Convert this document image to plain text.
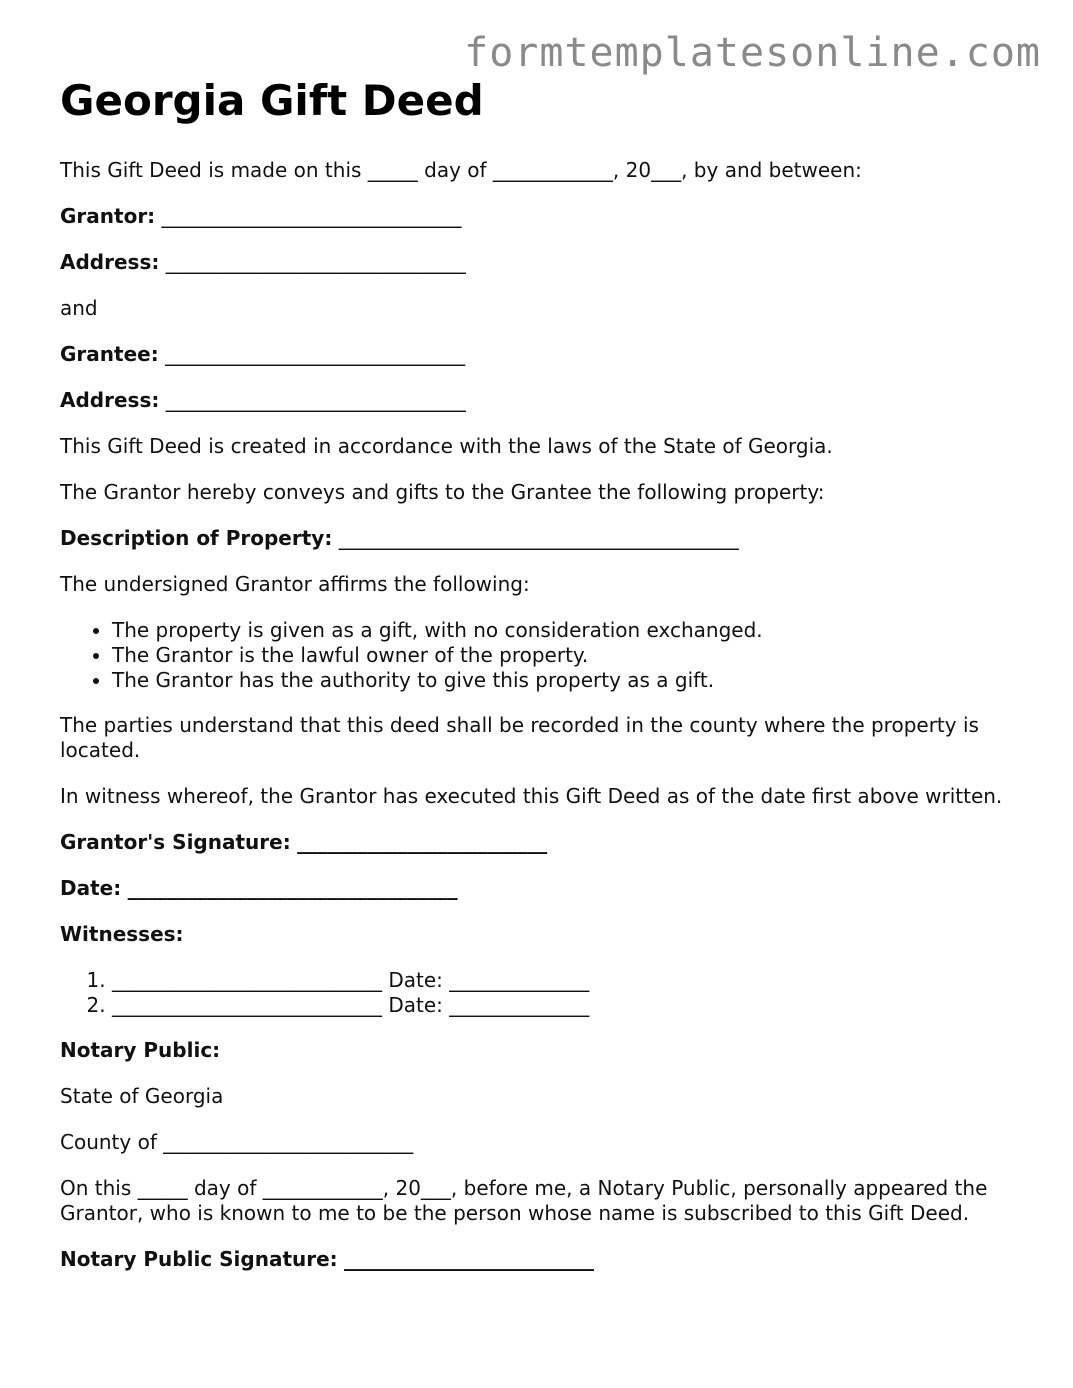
formtemplatesonline.com
Georgia Gift Deed

This Gift Deed is made on this _____ day of ____________, 20___, by and between:

Grantor: ______________________________

Address: ______________________________

and

Grantee: ______________________________

Address: ______________________________

This Gift Deed is created in accordance with the laws of the State of Georgia.

The Grantor hereby conveys and gifts to the Grantee the following property:

Description of Property: ________________________________________

The undersigned Grantor affirms the following:

• The property is given as a gift, with no consideration exchanged.
• The Grantor is the lawful owner of the property.
• The Grantor has the authority to give this property as a gift.

The parties understand that this deed shall be recorded in the county where the property is located.

In witness whereof, the Grantor has executed this Gift Deed as of the date first above written.

Grantor's Signature: _________________________

Date: _________________________________

Witnesses:

1. ___________________________ Date: ______________
2. ___________________________ Date: ______________

Notary Public:

State of Georgia

County of _________________________

On this _____ day of ____________, 20___, before me, a Notary Public, personally appeared the Grantor, who is known to me to be the person whose name is subscribed to this Gift Deed.

Notary Public Signature: _________________________
